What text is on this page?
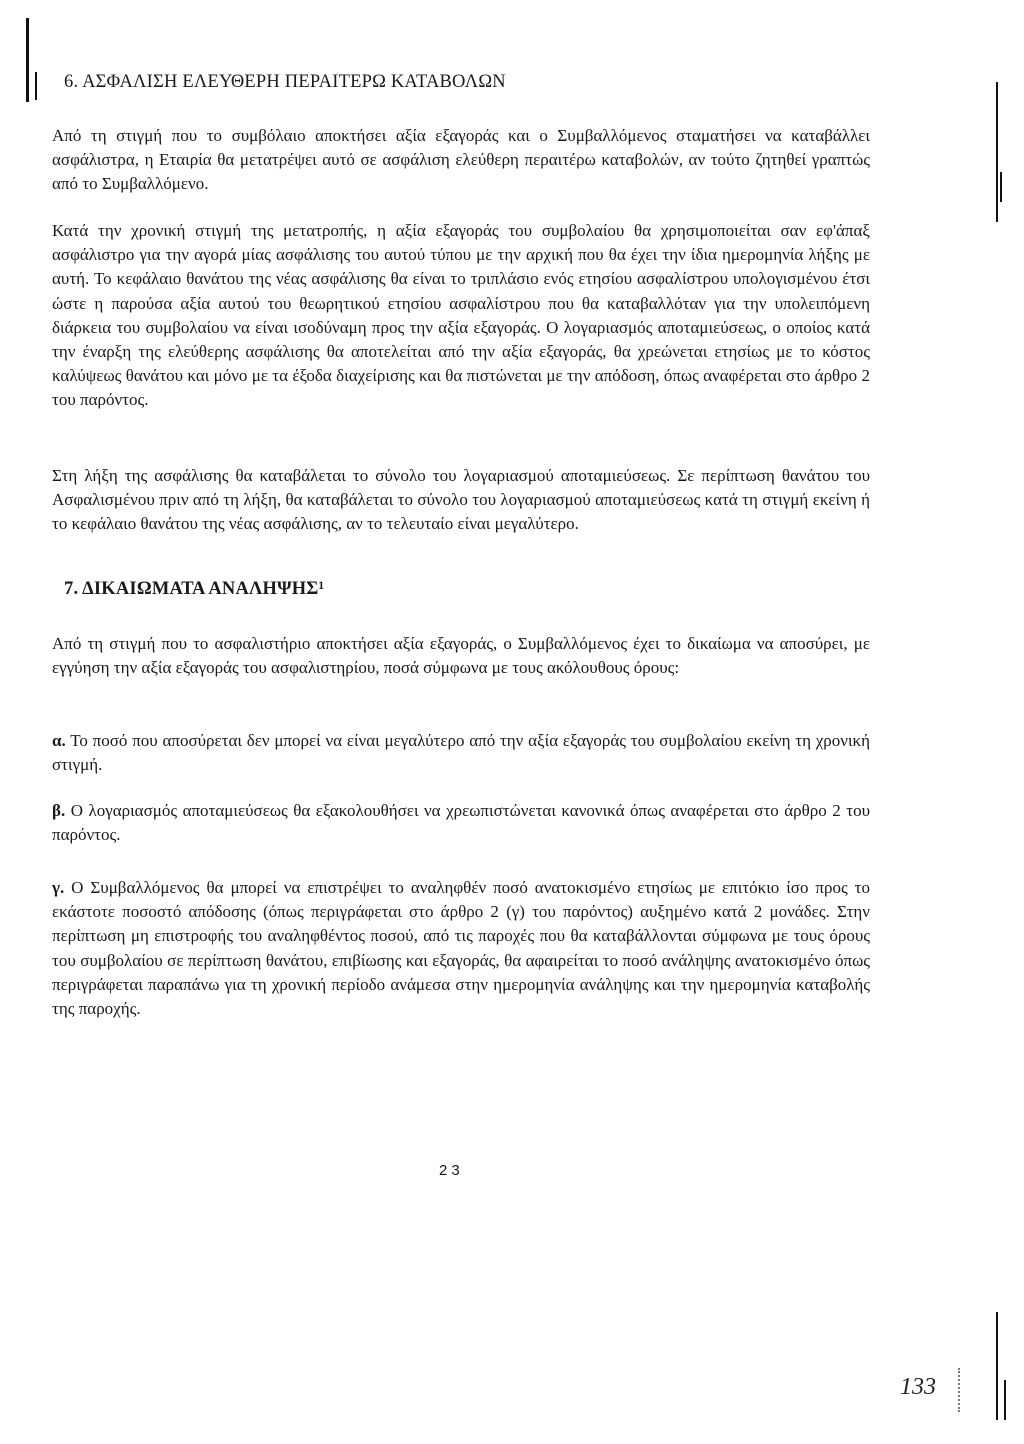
6. ΑΣΦΑΛΙΣΗ ΕΛΕΥΘΕΡΗ ΠΕΡΑΙΤΕΡΩ ΚΑΤΑΒΟΛΩΝ

Από τη στιγμή που το συμβόλαιο αποκτήσει αξία εξαγοράς και ο Συμβαλλόμενος σταματήσει να καταβάλλει ασφάλιστρα, η Εταιρία θα μετατρέψει αυτό σε ασφάλιση ελεύθερη περαιτέρω καταβολών, αν τούτο ζητηθεί γραπτώς από το Συμβαλλόμενο.

Κατά την χρονική στιγμή της μετατροπής, η αξία εξαγοράς του συμβολαίου θα χρησιμοποιείται σαν εφ'άπαξ ασφάλιστρο για την αγορά μίας ασφάλισης του αυτού τύπου με την αρχική που θα έχει την ίδια ημερομηνία λήξης με αυτή. Το κεφάλαιο θανάτου της νέας ασφάλισης θα είναι το τριπλάσιο ενός ετησίου ασφαλίστρου υπολογισμένου έτσι ώστε η παρούσα αξία αυτού του θεωρητικού ετησίου ασφαλίστρου που θα καταβαλλόταν για την υπολειπόμενη διάρκεια του συμβολαίου να είναι ισοδύναμη προς την αξία εξαγοράς. Ο λογαριασμός αποταμιεύσεως, ο οποίος κατά την έναρξη της ελεύθερης ασφάλισης θα αποτελείται από την αξία εξαγοράς, θα χρεώνεται ετησίως με το κόστος καλύψεως θανάτου και μόνο με τα έξοδα διαχείρισης και θα πιστώνεται με την απόδοση, όπως αναφέρεται στο άρθρο 2 του παρόντος.

Στη λήξη της ασφάλισης θα καταβάλεται το σύνολο του λογαριασμού αποταμιεύσεως. Σε περίπτωση θανάτου του Ασφαλισμένου πριν από τη λήξη, θα καταβάλεται το σύνολο του λογαριασμού αποταμιεύσεως κατά τη στιγμή εκείνη ή το κεφάλαιο θανάτου της νέας ασφάλισης, αν το τελευταίο είναι μεγαλύτερο.

7. ΔΙΚΑΙΩΜΑΤΑ ΑΝΑΛΗΨΗΣ¹

Από τη στιγμή που το ασφαλιστήριο αποκτήσει αξία εξαγοράς, ο Συμβαλλόμενος έχει το δικαίωμα να αποσύρει, με εγγύηση την αξία εξαγοράς του ασφαλιστηρίου, ποσά σύμφωνα με τους ακόλουθους όρους:

α. Το ποσό που αποσύρεται δεν μπορεί να είναι μεγαλύτερο από την αξία εξαγοράς του συμβολαίου εκείνη τη χρονική στιγμή.

β. Ο λογαριασμός αποταμιεύσεως θα εξακολουθήσει να χρεωπιστώνεται κανονικά όπως αναφέρεται στο άρθρο 2 του παρόντος.

γ. Ο Συμβαλλόμενος θα μπορεί να επιστρέψει το αναληφθέν ποσό ανατοκισμένο ετησίως με επιτόκιο ίσο προς το εκάστοτε ποσοστό απόδοσης (όπως περιγράφεται στο άρθρο 2 (γ) του παρόντος) αυξημένο κατά 2 μονάδες. Στην περίπτωση μη επιστροφής του αναληφθέντος ποσού, από τις παροχές που θα καταβάλλονται σύμφωνα με τους όρους του συμβολαίου σε περίπτωση θανάτου, επιβίωσης και εξαγοράς, θα αφαιρείται το ποσό ανάληψης ανατοκισμένο όπως περιγράφεται παραπάνω για τη χρονική περίοδο ανάμεσα στην ημερομηνία ανάληψης και την ημερομηνία καταβολής της παροχής.

23

133
